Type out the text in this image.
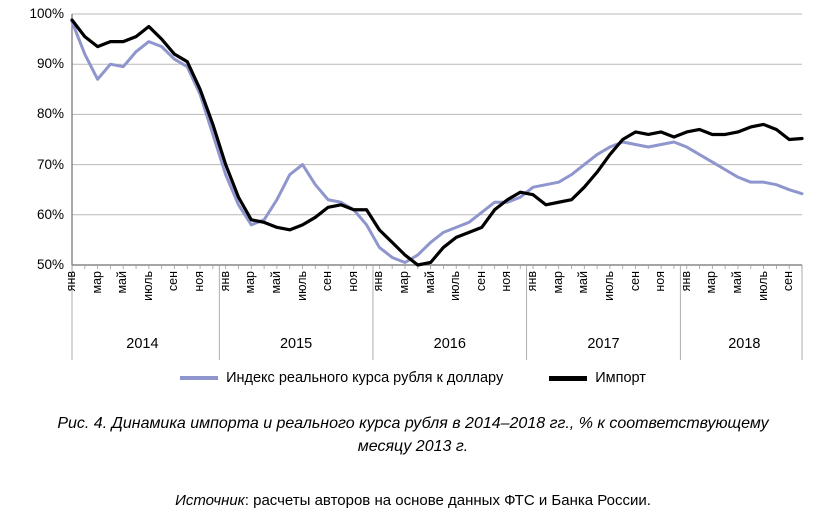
50%
60%
70%
80%
90%
100%
янв мар май июль сен ноя янв мар май июль сен ноя янв мар май июль сен ноя янв мар май июль сен ноя янв мар май июль сен
2014	2015	2016	2017	2018
Индекс реального курса рубля к доллару	Импорт
Рис. 4. Динамика импорта и реального курса рубля в 2014–2018 гг., % к соответствующему месяцу 2013 г.
Источник: расчеты авторов на основе данных ФТС и Банка России.
